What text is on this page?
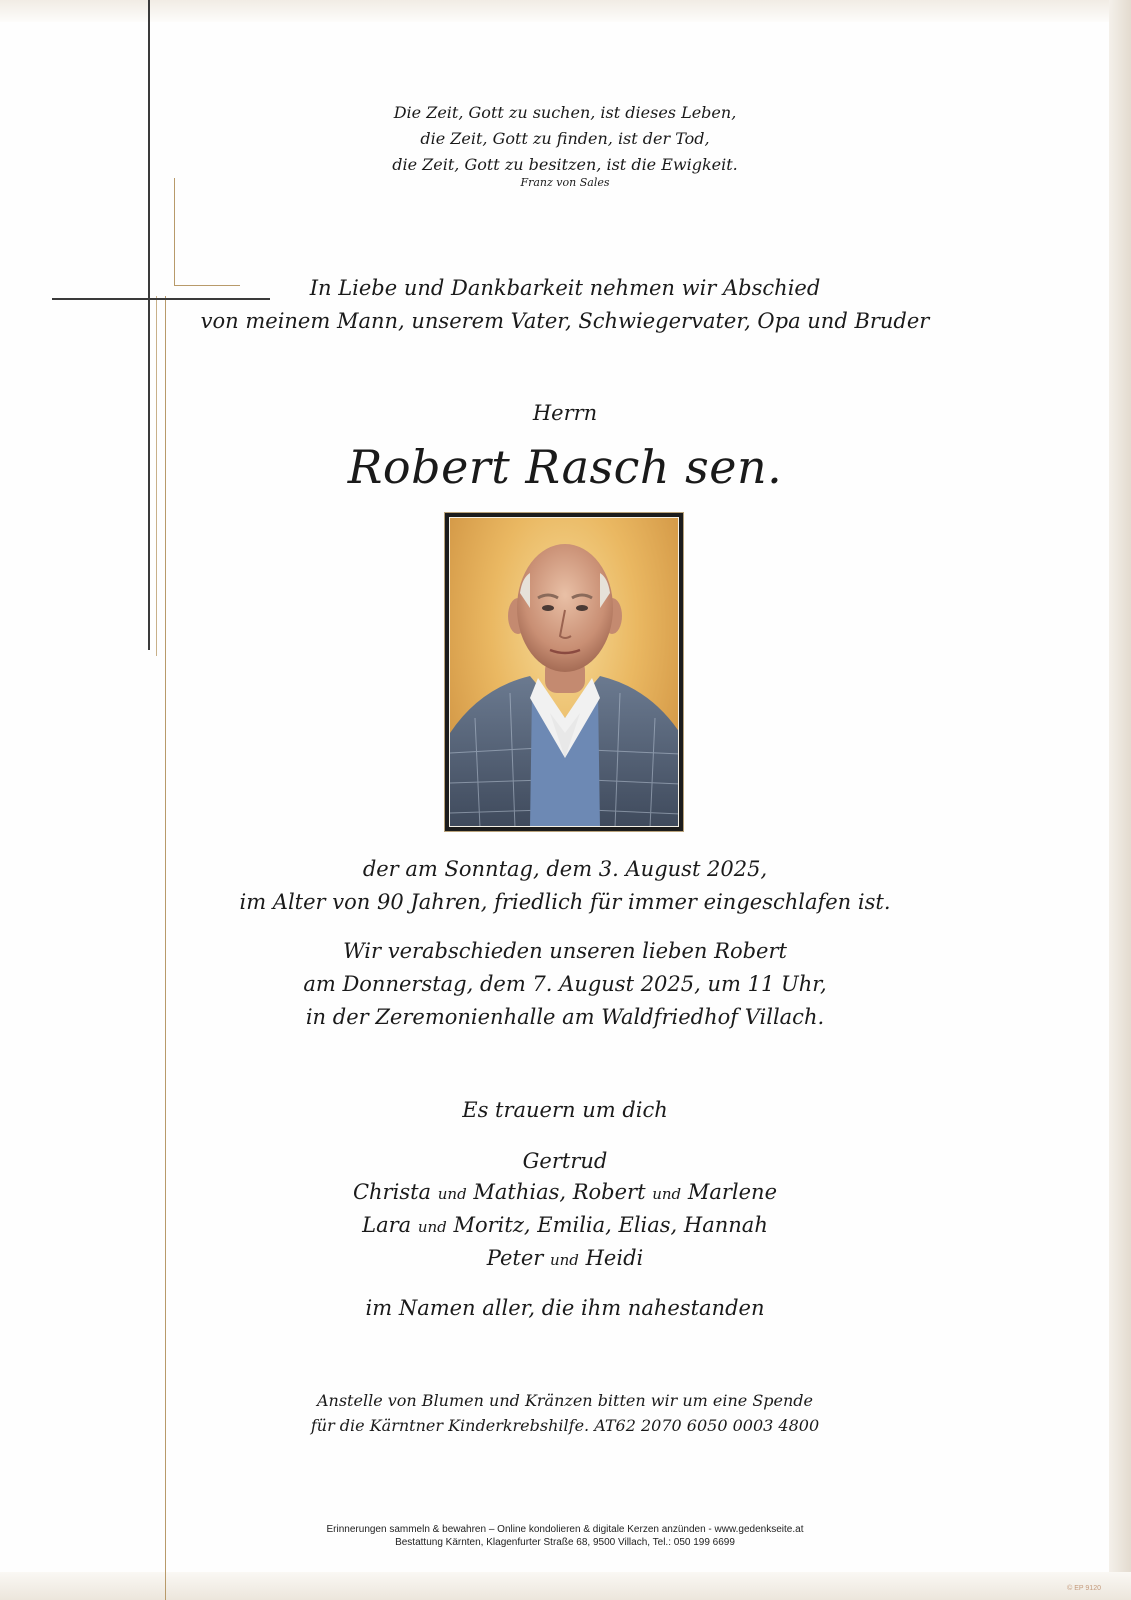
Die Zeit, Gott zu suchen, ist dieses Leben,
die Zeit, Gott zu finden, ist der Tod,
die Zeit, Gott zu besitzen, ist die Ewigkeit.
Franz von Sales
In Liebe und Dankbarkeit nehmen wir Abschied
von meinem Mann, unserem Vater, Schwiegervater, Opa und Bruder
Herrn
Robert Rasch sen.
der am Sonntag, dem 3. August 2025,
im Alter von 90 Jahren, friedlich für immer eingeschlafen ist.
Wir verabschieden unseren lieben Robert
am Donnerstag, dem 7. August 2025, um 11 Uhr,
in der Zeremonienhalle am Waldfriedhof Villach.
Es trauern um dich
Gertrud
Christa und Mathias, Robert und Marlene
Lara und Moritz, Emilia, Elias, Hannah
Peter und Heidi
im Namen aller, die ihm nahestanden
Anstelle von Blumen und Kränzen bitten wir um eine Spende
für die Kärntner Kinderkrebshilfe. AT62 2070 6050 0003 4800
Erinnerungen sammeln & bewahren – Online kondolieren & digitale Kerzen anzünden - www.gedenkseite.at
Bestattung Kärnten, Klagenfurter Straße 68, 9500 Villach, Tel.: 050 199 6699
© EP 9120
